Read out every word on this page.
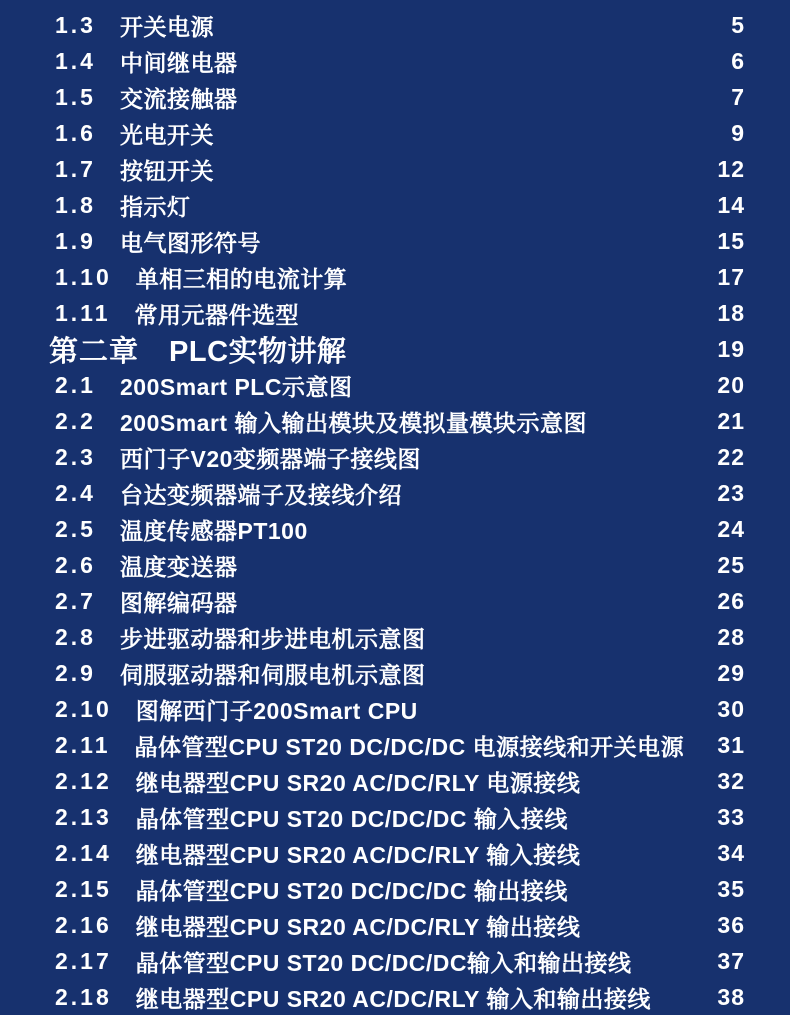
1.3 开关电源	5
1.4 中间继电器	6
1.5 交流接触器	7
1.6 光电开关	9
1.7 按钮开关	12
1.8 指示灯	14
1.9 电气图形符号	15
1.10 单相三相的电流计算	17
1.11 常用元器件选型	18
第二章 PLC实物讲解	19
2.1 200Smart PLC示意图	20
2.2 200Smart 输入输出模块及模拟量模块示意图	21
2.3 西门子V20变频器端子接线图	22
2.4 台达变频器端子及接线介绍	23
2.5 温度传感器PT100	24
2.6 温度变送器	25
2.7 图解编码器	26
2.8 步进驱动器和步进电机示意图	28
2.9 伺服驱动器和伺服电机示意图	29
2.10 图解西门子200Smart CPU	30
2.11 晶体管型CPU ST20 DC/DC/DC 电源接线和开关电源 31
2.12 继电器型CPU SR20 AC/DC/RLY 电源接线	32
2.13 晶体管型CPU ST20 DC/DC/DC 输入接线	33
2.14 继电器型CPU SR20 AC/DC/RLY 输入接线	34
2.15 晶体管型CPU ST20 DC/DC/DC 输出接线	35
2.16 继电器型CPU SR20 AC/DC/RLY 输出接线	36
2.17 晶体管型CPU ST20 DC/DC/DC输入和输出接线	37
2.18 继电器型CPU SR20 AC/DC/RLY 输入和输出接线	38
